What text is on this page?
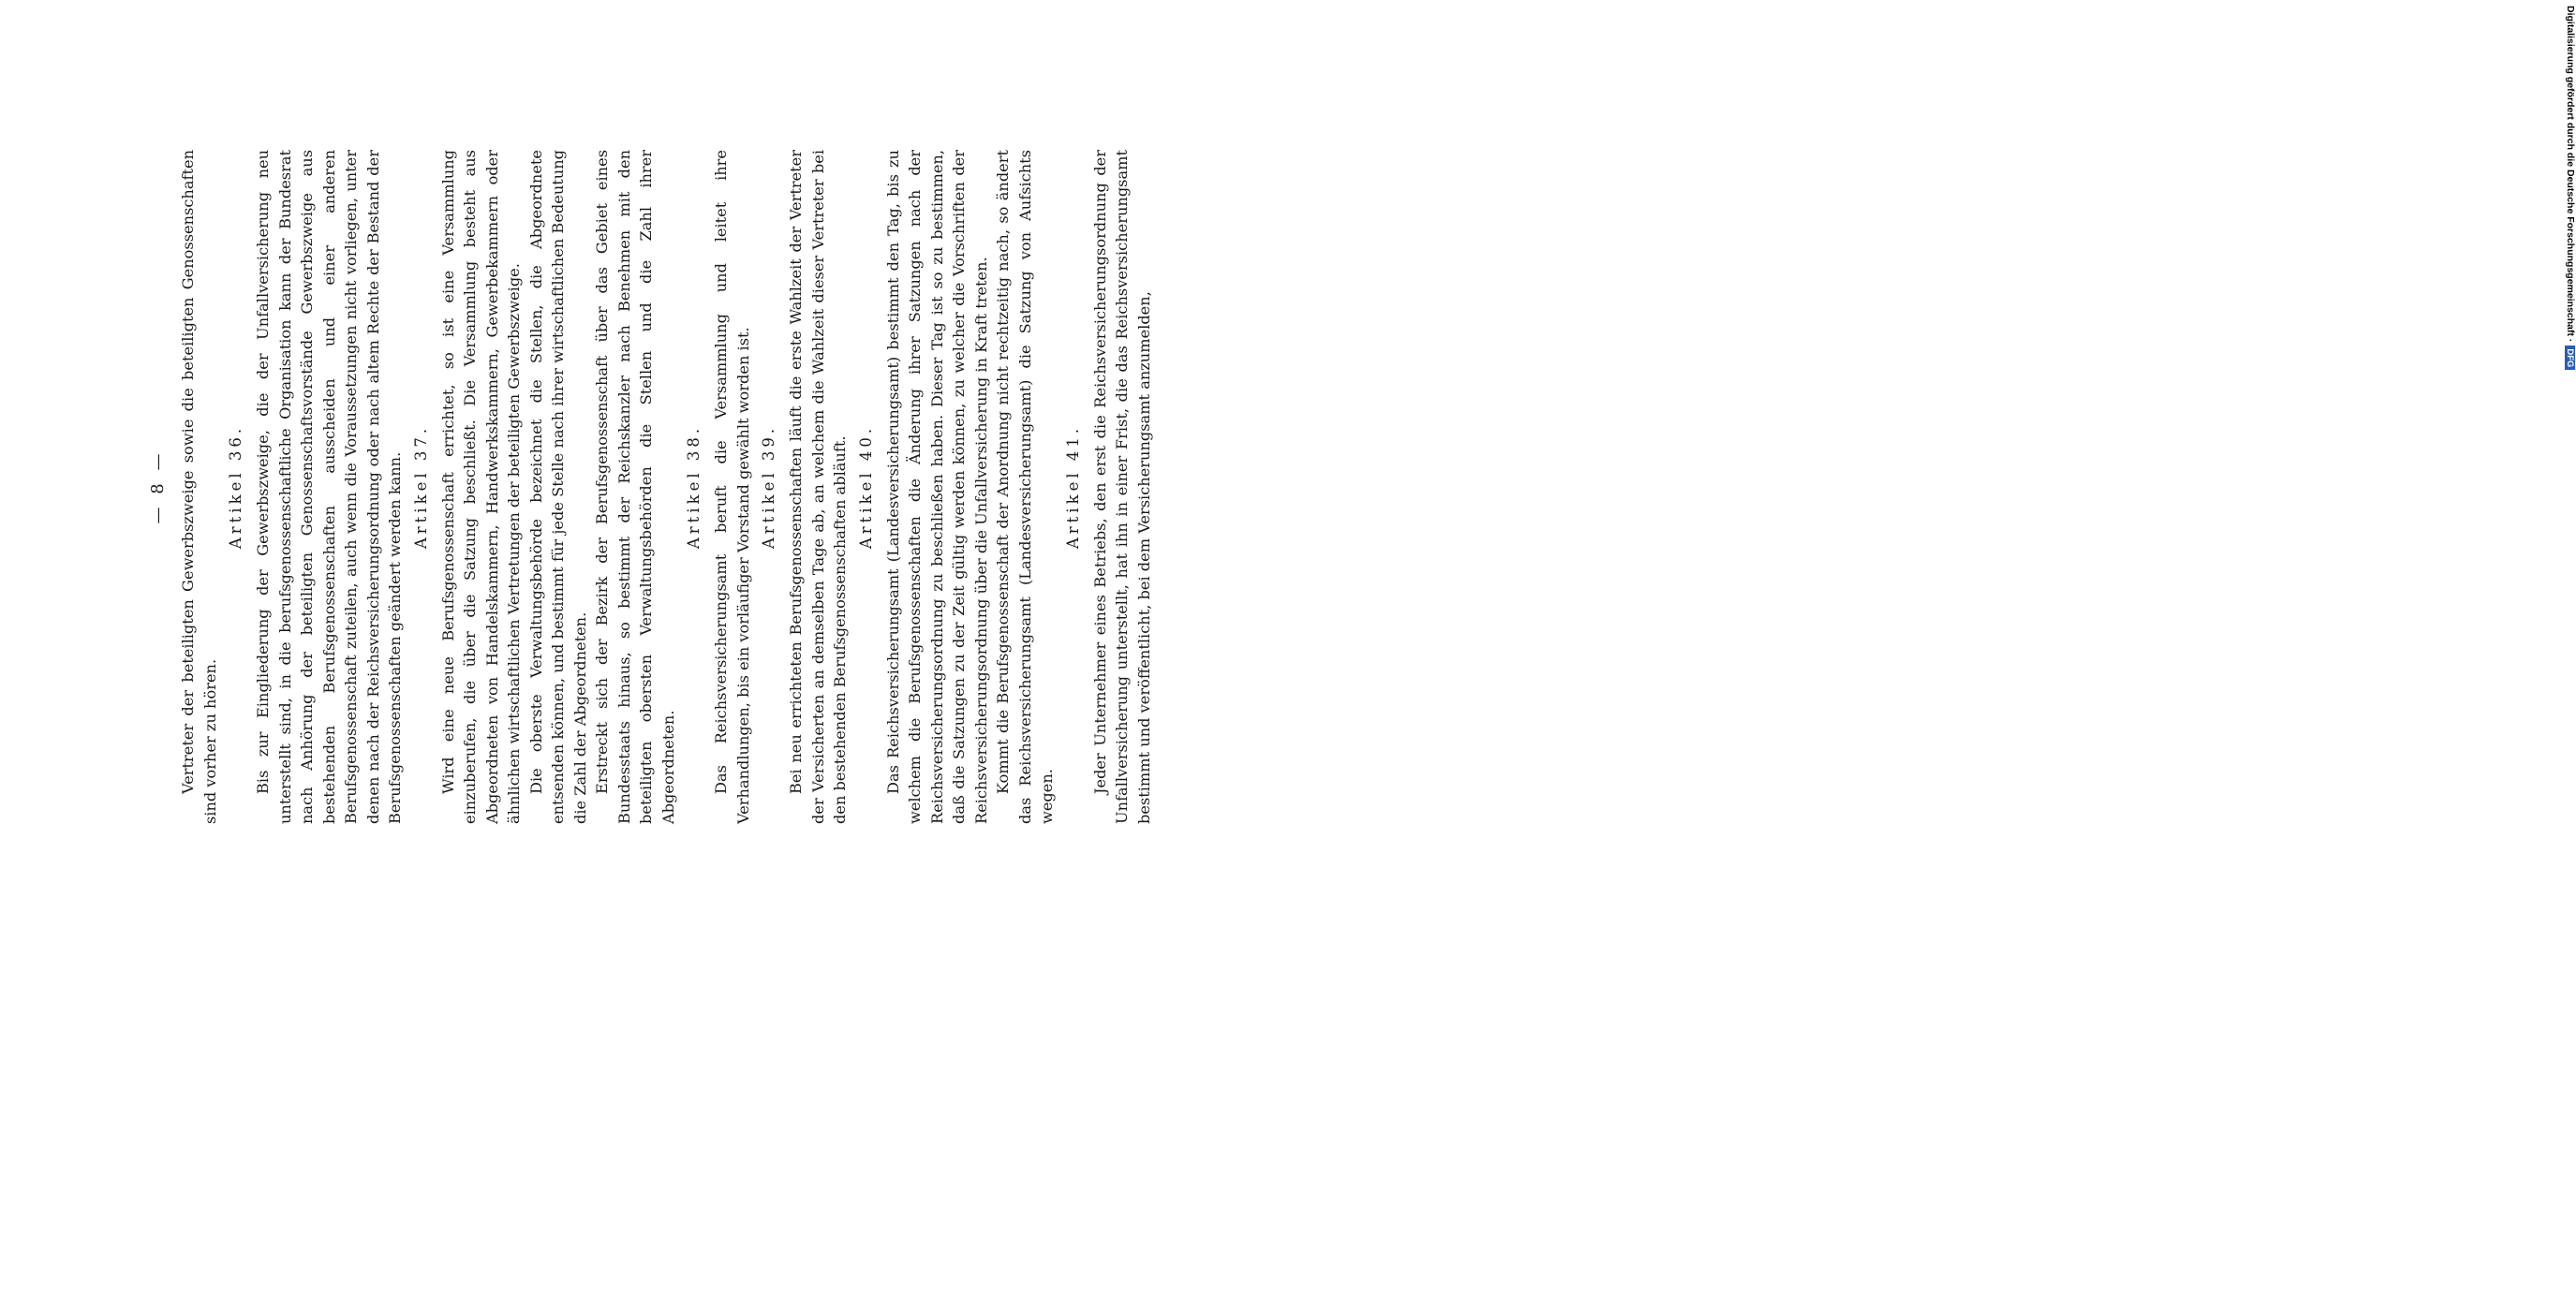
— 8 — Vertreter der beteiligten Gewerbszweige sowie die beteiligten Genossenschaften sind vorher zu hören.

Artikel 36. Bis zur Eingliederung der Gewerbszweige, die der Unfallversicherung neu unterstellt sind, in die berufsgenossenschaftliche Organisation kann der Bundesrat nach Anhörung der beteiligten Genossenschaftsvorstände Gewerbszweige aus bestehenden Berufsgenossenschaften ausscheiden und einer anderen Berufsgenossenschaft zuteilen, auch wenn die Voraussetzungen nicht vorliegen, unter denen nach der Reichsversicherungsordnung oder nach altem Rechte der Bestand der Berufsgenossenschaften geändert werden kann. Artikel 37. Wird eine neue Berufsgenossenschaft errichtet, so ist eine Versammlung einzuberufen, die über die Satzung beschließt. Die Versammlung besteht aus Abgeordneten von Handelskammern, Handwerkskammern, Gewerbekammern oder ähnlichen wirtschaftlichen Vertretungen der beteiligten Gewerbszweige. Die oberste Verwaltungsbehörde bezeichnet die Stellen, die Abgeordnete entsenden können, und bestimmt für jede Stelle nach ihrer wirtschaftlichen Bedeutung die Zahl der Abgeordneten. Erstreckt sich der Bezirk der Berufsgenossenschaft über das Gebiet eines Bundesstaats hinaus, so bestimmt der Reichskanzler nach Benehmen mit den beteiligten obersten Verwaltungsbehörden die Stellen und die Zahl ihrer Abgeordneten.

Artikel 38. Das Reichsversicherungsamt beruft die Versammlung und leitet ihre Verhandlungen, bis ein vorläufiger Vorstand gewählt worden ist. Artikel 39. Bei neu errichteten Berufsgenossenschaften läuft die erste Wahlzeit der Vertreter der Versicherten an demselben Tage ab, an welchem die Wahlzeit dieser Vertreter bei den bestehenden Berufsgenossenschaften abläuft. Artikel 40. Das Reichsversicherungsamt (Landesversicherungsamt) bestimmt den Tag, bis zu welchem die Berufsgenossenschaften die Änderung ihrer Satzungen nach der Reichsversicherungsordnung zu beschließen haben. Dieser Tag ist so zu bestimmen, daß die Satzungen zu der Zeit gültig werden können, zu welcher die Vorschriften der Reichsversicherungsordnung über die Unfallversicherung in Kraft treten. Kommt die Berufsgenossenschaft der Anordnung nicht rechtzeitig nach, so ändert das Reichsversicherungsamt (Landesversicherungsamt) die Satzung von Aufsichts wegen.

Artikel 41. Jeder Unternehmer eines Betriebs, den erst die Reichsversicherungsordnung der Unfallversicherung unterstellt, hat ihn in einer Frist, die das Reichsversicherungsamt bestimmt und veröffentlicht, bei dem Versicherungsamt anzumelden,

Digitalisierung gefördert durch die Deutsche Forschungsgemeinschaft ·DFG
